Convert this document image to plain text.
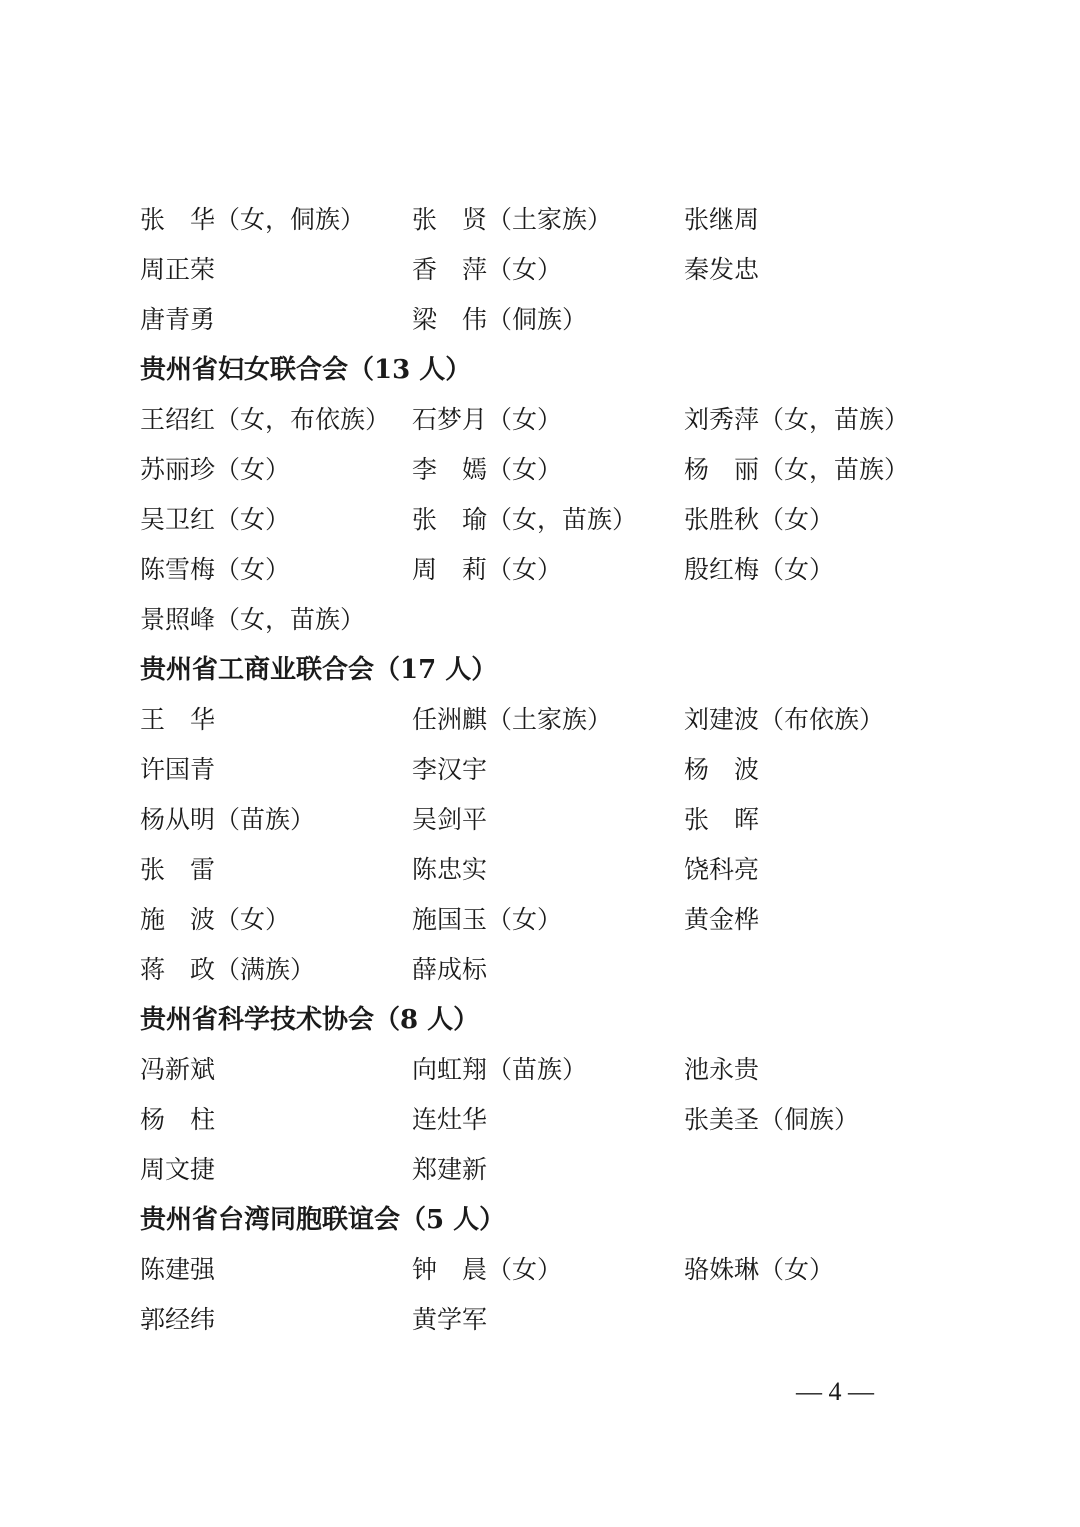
张　华（女，侗族）	张　贤（土家族）	张继周
周正荣	香　萍（女）	秦发忠
唐青勇	梁　伟（侗族）
贵州省妇女联合会（13 人）
王绍红（女，布依族） 石梦月（女）	刘秀萍（女，苗族）
苏丽珍（女）	李　嫣（女）	杨　丽（女，苗族）
吴卫红（女）	张　瑜（女，苗族）	张胜秋（女）
陈雪梅（女）	周　莉（女）	殷红梅（女）
景照峰（女，苗族）
贵州省工商业联合会（17 人）
王　华	任洲麒（土家族）	刘建波（布依族）
许国青	李汉宇	杨　波
杨从明（苗族）	吴剑平	张　晖
张　雷	陈忠实	饶科亮
施　波（女）	施国玉（女）	黄金桦
蒋　政（满族）	薛成标
贵州省科学技术协会（8 人）
冯新斌	向虹翔（苗族）	池永贵
杨　柱	连灶华	张美圣（侗族）
周文捷	郑建新
贵州省台湾同胞联谊会（5 人）
陈建强	钟　晨（女）	骆姝琳（女）
郭经纬	黄学军
— 4 —
